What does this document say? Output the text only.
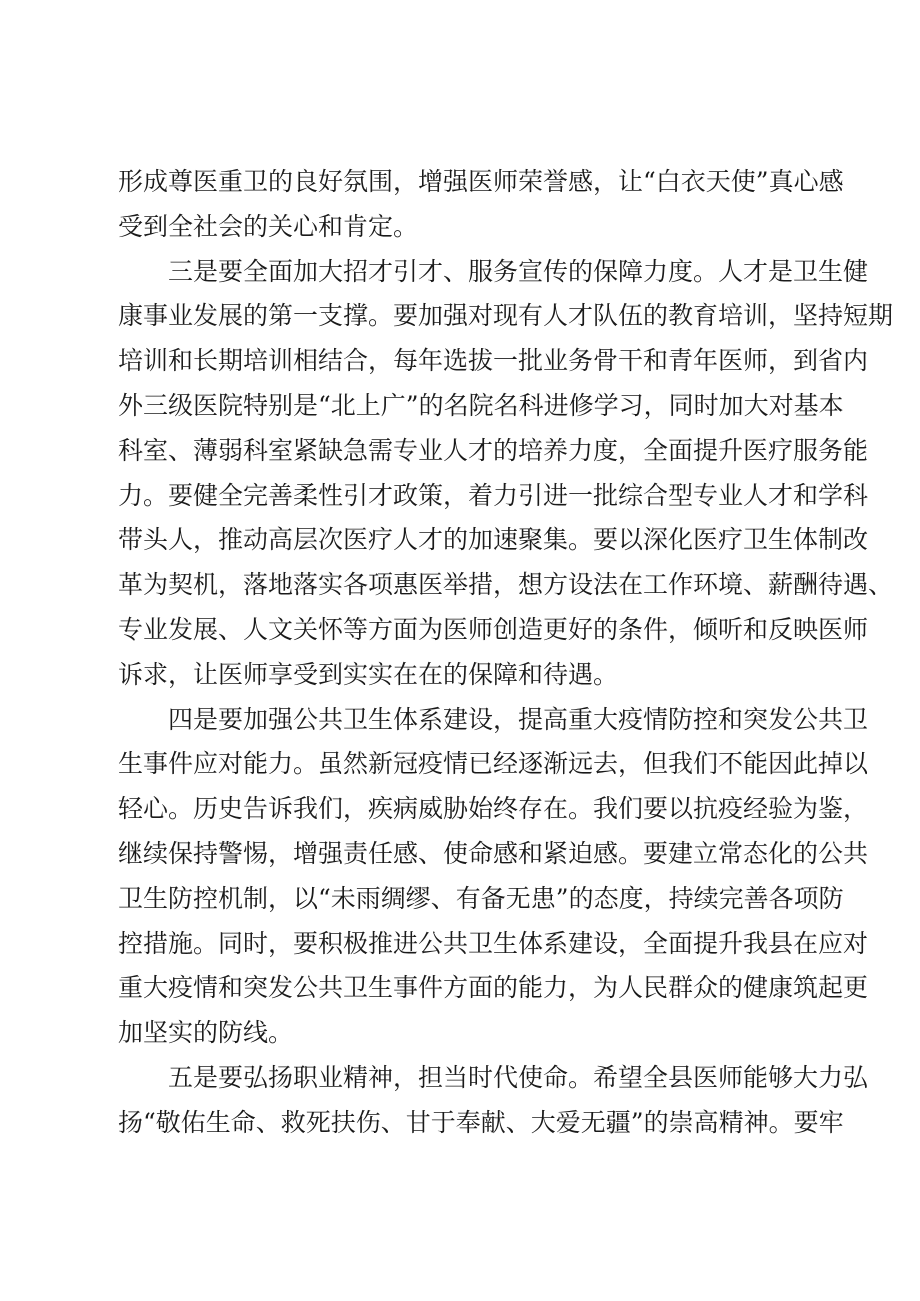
形成尊医重卫的良好氛围，增强医师荣誉感，让“白衣天使”真心感
受到全社会的关心和肯定。
三是要全面加大招才引才、服务宣传的保障力度。人才是卫生健
康事业发展的第一支撑。要加强对现有人才队伍的教育培训，坚持短期
培训和长期培训相结合，每年选拔一批业务骨干和青年医师，到省内
外三级医院特别是“北上广”的名院名科进修学习，同时加大对基本
科室、薄弱科室紧缺急需专业人才的培养力度，全面提升医疗服务能
力。要健全完善柔性引才政策，着力引进一批综合型专业人才和学科
带头人，推动高层次医疗人才的加速聚集。要以深化医疗卫生体制改
革为契机，落地落实各项惠医举措，想方设法在工作环境、薪酬待遇、
专业发展、人文关怀等方面为医师创造更好的条件，倾听和反映医师
诉求，让医师享受到实实在在的保障和待遇。
四是要加强公共卫生体系建设，提高重大疫情防控和突发公共卫
生事件应对能力。虽然新冠疫情已经逐渐远去，但我们不能因此掉以
轻心。历史告诉我们，疾病威胁始终存在。我们要以抗疫经验为鉴，
继续保持警惕，增强责任感、使命感和紧迫感。要建立常态化的公共
卫生防控机制，以“未雨绸缪、有备无患”的态度，持续完善各项防
控措施。同时，要积极推进公共卫生体系建设，全面提升我县在应对
重大疫情和突发公共卫生事件方面的能力，为人民群众的健康筑起更
加坚实的防线。
五是要弘扬职业精神，担当时代使命。希望全县医师能够大力弘
扬“敬佑生命、救死扶伤、甘于奉献、大爱无疆”的崇高精神。要牢
